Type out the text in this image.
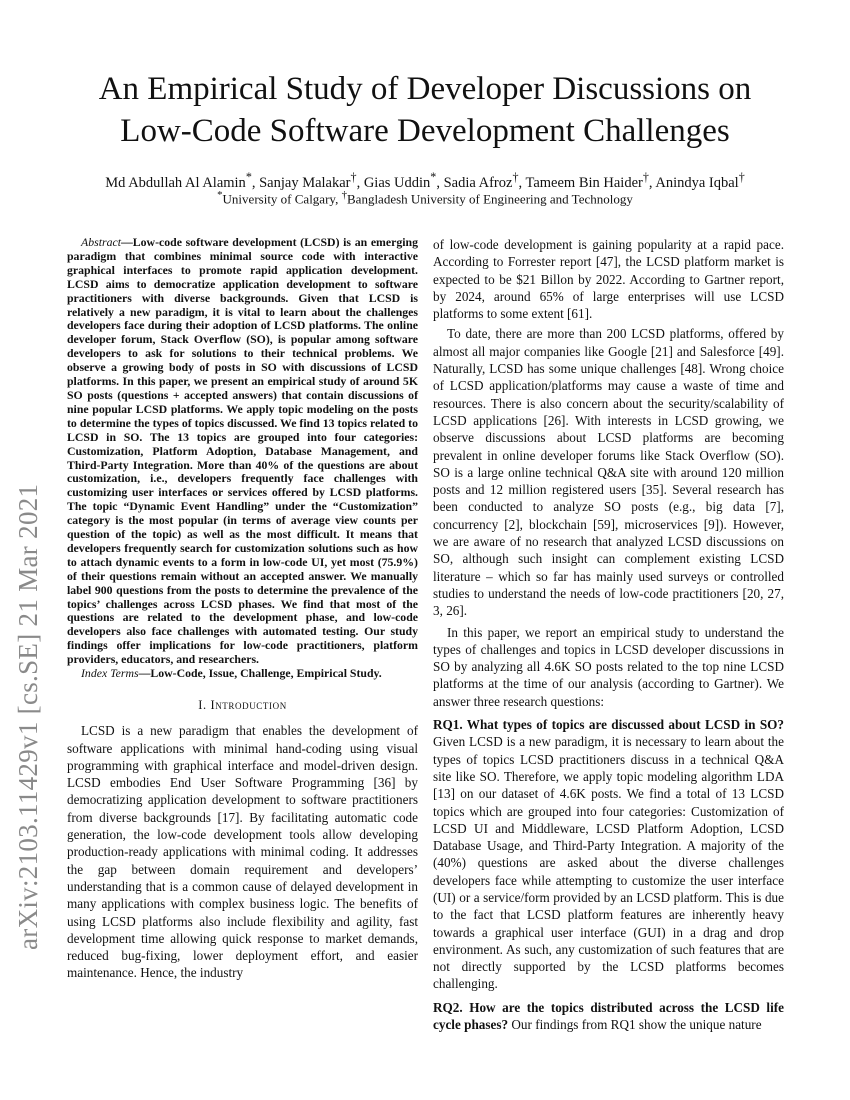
arXiv:2103.11429v1 [cs.SE] 21 Mar 2021
An Empirical Study of Developer Discussions on
Low-Code Software Development Challenges
Md Abdullah Al Alamin*, Sanjay Malakar†, Gias Uddin*, Sadia Afroz†, Tameem Bin Haider†, Anindya Iqbal†
*University of Calgary, †Bangladesh University of Engineering and Technology

Abstract—Low-code software development (LCSD) is an emerging paradigm that combines minimal source code with interactive graphical interfaces to promote rapid application development. LCSD aims to democratize application development to software practitioners with diverse backgrounds. Given that LCSD is relatively a new paradigm, it is vital to learn about the challenges developers face during their adoption of LCSD platforms. The online developer forum, Stack Overflow (SO), is popular among software developers to ask for solutions to their technical problems. We observe a growing body of posts in SO with discussions of LCSD platforms. In this paper, we present an empirical study of around 5K SO posts (questions + accepted answers) that contain discussions of nine popular LCSD platforms. We apply topic modeling on the posts to determine the types of topics discussed. We find 13 topics related to LCSD in SO. The 13 topics are grouped into four categories: Customization, Platform Adoption, Database Management, and Third-Party Integration. More than 40% of the questions are about customization, i.e., developers frequently face challenges with customizing user interfaces or services offered by LCSD platforms. The topic “Dynamic Event Handling” under the “Customization” category is the most popular (in terms of average view counts per question of the topic) as well as the most difficult. It means that developers frequently search for customization solutions such as how to attach dynamic events to a form in low-code UI, yet most (75.9%) of their questions remain without an accepted answer. We manually label 900 questions from the posts to determine the prevalence of the topics’ challenges across LCSD phases. We find that most of the questions are related to the development phase, and low-code developers also face challenges with automated testing. Our study findings offer implications for low-code practitioners, platform providers, educators, and researchers.

Index Terms—Low-Code, Issue, Challenge, Empirical Study.

I. Introduction

LCSD is a new paradigm that enables the development of software applications with minimal hand-coding using visual programming with graphical interface and model-driven design. LCSD embodies End User Software Programming [36] by democratizing application development to software practitioners from diverse backgrounds [17]. By facilitating automatic code generation, the low-code development tools allow developing production-ready applications with minimal coding. It addresses the gap between domain requirement and developers’ understanding that is a common cause of delayed development in many applications with complex business logic. The benefits of using LCSD platforms also include flexibility and agility, fast development time allowing quick response to market demands, reduced bug-fixing, lower deployment effort, and easier maintenance. Hence, the industry

of low-code development is gaining popularity at a rapid pace. According to Forrester report [47], the LCSD platform market is expected to be $21 Billon by 2022. According to Gartner report, by 2024, around 65% of large enterprises will use LCSD platforms to some extent [61].

To date, there are more than 200 LCSD platforms, offered by almost all major companies like Google [21] and Salesforce [49]. Naturally, LCSD has some unique challenges [48]. Wrong choice of LCSD application/platforms may cause a waste of time and resources. There is also concern about the security/scalability of LCSD applications [26]. With interests in LCSD growing, we observe discussions about LCSD platforms are becoming prevalent in online developer forums like Stack Overflow (SO). SO is a large online technical Q&A site with around 120 million posts and 12 million registered users [35]. Several research has been conducted to analyze SO posts (e.g., big data [7], concurrency [2], blockchain [59], microservices [9]). However, we are aware of no research that analyzed LCSD discussions on SO, although such insight can complement existing LCSD literature – which so far has mainly used surveys or controlled studies to understand the needs of low-code practitioners [20, 27, 3, 26].

In this paper, we report an empirical study to understand the types of challenges and topics in LCSD developer discussions in SO by analyzing all 4.6K SO posts related to the top nine LCSD platforms at the time of our analysis (according to Gartner). We answer three research questions:

RQ1. What types of topics are discussed about LCSD in SO? Given LCSD is a new paradigm, it is necessary to learn about the types of topics LCSD practitioners discuss in a technical Q&A site like SO. Therefore, we apply topic modeling algorithm LDA [13] on our dataset of 4.6K posts. We find a total of 13 LCSD topics which are grouped into four categories: Customization of LCSD UI and Middleware, LCSD Platform Adoption, LCSD Database Usage, and Third-Party Integration. A majority of the (40%) questions are asked about the diverse challenges developers face while attempting to customize the user interface (UI) or a service/form provided by an LCSD platform. This is due to the fact that LCSD platform features are inherently heavy towards a graphical user interface (GUI) in a drag and drop environment. As such, any customization of such features that are not directly supported by the LCSD platforms becomes challenging.

RQ2. How are the topics distributed across the LCSD life cycle phases? Our findings from RQ1 show the unique nature
